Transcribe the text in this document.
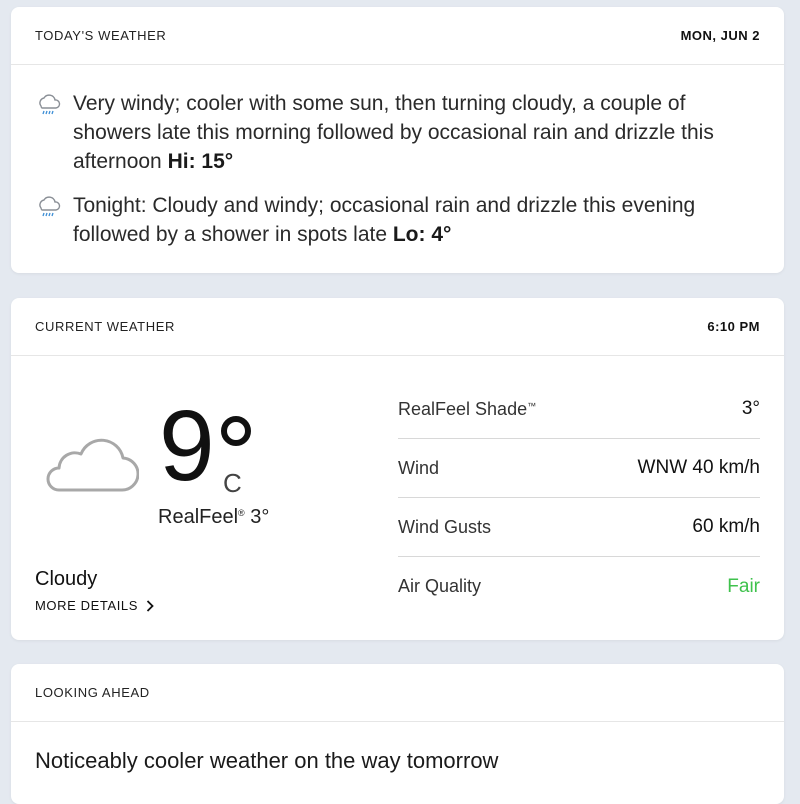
TODAY'S WEATHER	MON, JUN 2

Very windy; cooler with some sun, then turning cloudy, a couple of showers late this morning followed by occasional rain and drizzle this afternoon Hi: 15°

Tonight: Cloudy and windy; occasional rain and drizzle this evening followed by a shower in spots late Lo: 4°

CURRENT WEATHER	6:10 PM
9 C
RealFeel® 3°
Cloudy
MORE DETAILS
RealFeel Shade™	3°
Wind	WNW 40 km/h
Wind Gusts	60 km/h
Air Quality	Fair
LOOKING AHEAD
Noticeably cooler weather on the way tomorrow
